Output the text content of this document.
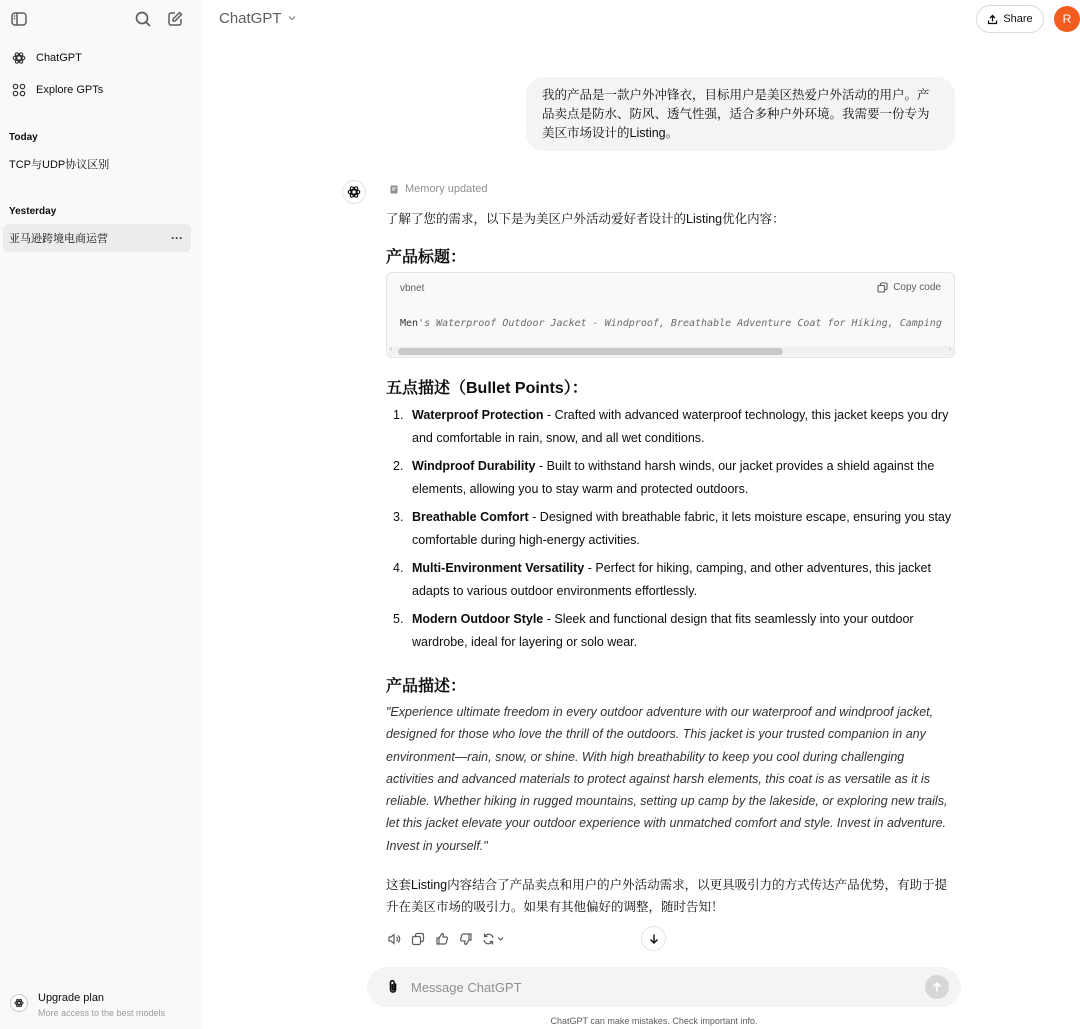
ChatGPT
Explore GPTs
Today
TCP与UDP协议区别
Yesterday
亚马逊跨境电商运营	···
Upgrade plan
More access to the best models
ChatGPT	Share	R
我的产品是一款户外冲锋衣，目标用户是美区热爱户外活动的用户。产品卖点是防水、防风、透气性强，适合多种户外环境。我需要一份专为美区市场设计的Listing。
Memory updated
了解了您的需求，以下是为美区户外活动爱好者设计的Listing优化内容：
产品标题：
vbnet	Copy code
Men's Waterproof Outdoor Jacket - Windproof, Breathable Adventure Coat for Hiking, Camping
‹	›
五点描述（Bullet Points）：
1. Waterproof Protection - Crafted with advanced waterproof technology, this jacket keeps you dry and comfortable in rain, snow, and all wet conditions.
2. Windproof Durability - Built to withstand harsh winds, our jacket provides a shield against the elements, allowing you to stay warm and protected outdoors.
3. Breathable Comfort - Designed with breathable fabric, it lets moisture escape, ensuring you stay comfortable during high-energy activities.
4. Multi-Environment Versatility - Perfect for hiking, camping, and other adventures, this jacket adapts to various outdoor environments effortlessly.
5. Modern Outdoor Style - Sleek and functional design that fits seamlessly into your outdoor wardrobe, ideal for layering or solo wear.
产品描述：
"Experience ultimate freedom in every outdoor adventure with our waterproof and windproof jacket, designed for those who love the thrill of the outdoors. This jacket is your trusted companion in any environment—rain, snow, or shine. With high breathability to keep you cool during challenging activities and advanced materials to protect against harsh elements, this coat is as versatile as it is reliable. Whether hiking in rugged mountains, setting up camp by the lakeside, or exploring new trails, let this jacket elevate your outdoor experience with unmatched comfort and style. Invest in adventure. Invest in yourself."
这套Listing内容结合了产品卖点和用户的户外活动需求，以更具吸引力的方式传达产品优势，有助于提升在美区市场的吸引力。如果有其他偏好的调整，随时告知！
Message ChatGPT
ChatGPT can make mistakes. Check important info.
